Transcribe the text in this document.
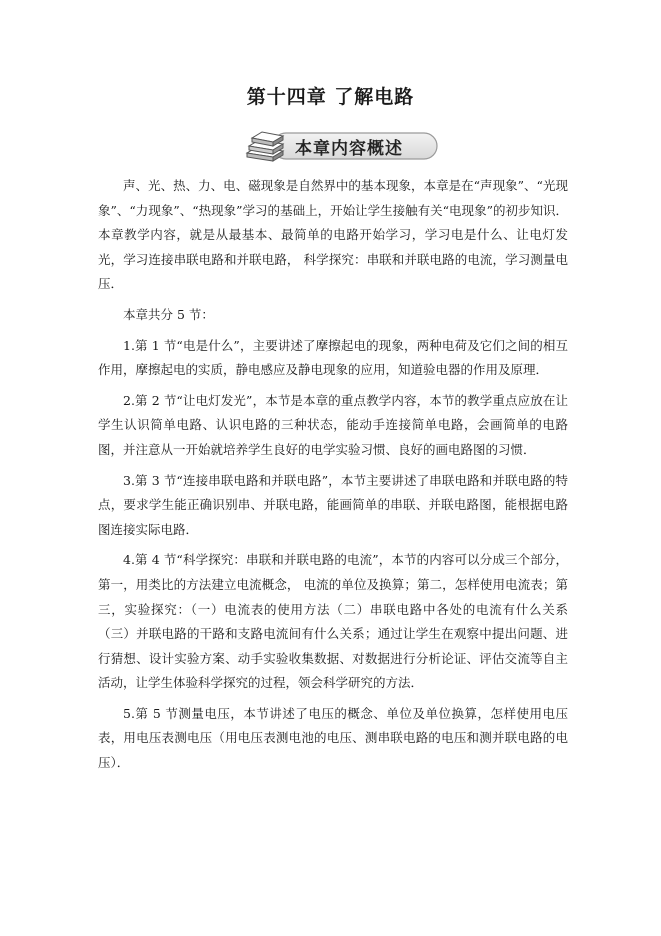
第十四章 了解电路
本章内容概述

声、光、热、力、电、磁现象是自然界中的基本现象，本章是在“声现象”、“光现象”、“力现象”、“热现象”学习的基础上，开始让学生接触有关“电现象”的初步知识．本章教学内容，就是从最基本、最简单的电路开始学习，学习电是什么、让电灯发光，学习连接串联电路和并联电路， 科学探究：串联和并联电路的电流，学习测量电压．

本章共分 5 节：

1.第 1 节“电是什么”，主要讲述了摩擦起电的现象，两种电荷及它们之间的相互作用，摩擦起电的实质，静电感应及静电现象的应用，知道验电器的作用及原理．

2.第 2 节“让电灯发光”，本节是本章的重点教学内容，本节的教学重点应放在让学生认识简单电路、认识电路的三种状态，能动手连接简单电路，会画简单的电路图，并注意从一开始就培养学生良好的电学实验习惯、良好的画电路图的习惯．

3.第 3 节“连接串联电路和并联电路”，本节主要讲述了串联电路和并联电路的特点，要求学生能正确识别串、并联电路，能画简单的串联、并联电路图，能根据电路图连接实际电路．

4.第 4 节“科学探究：串联和并联电路的电流”，本节的内容可以分成三个部分，第一，用类比的方法建立电流概念， 电流的单位及换算；第二，怎样使用电流表；第三，实验探究：（一）电流表的使用方法（二）串联电路中各处的电流有什么关系（三）并联电路的干路和支路电流间有什么关系；通过让学生在观察中提出问题、进行猜想、设计实验方案、动手实验收集数据、对数据进行分析论证、评估交流等自主活动，让学生体验科学探究的过程，领会科学研究的方法．

5.第 5 节测量电压，本节讲述了电压的概念、单位及单位换算，怎样使用电压表，用电压表测电压（用电压表测电池的电压、测串联电路的电压和测并联电路的电压）．
